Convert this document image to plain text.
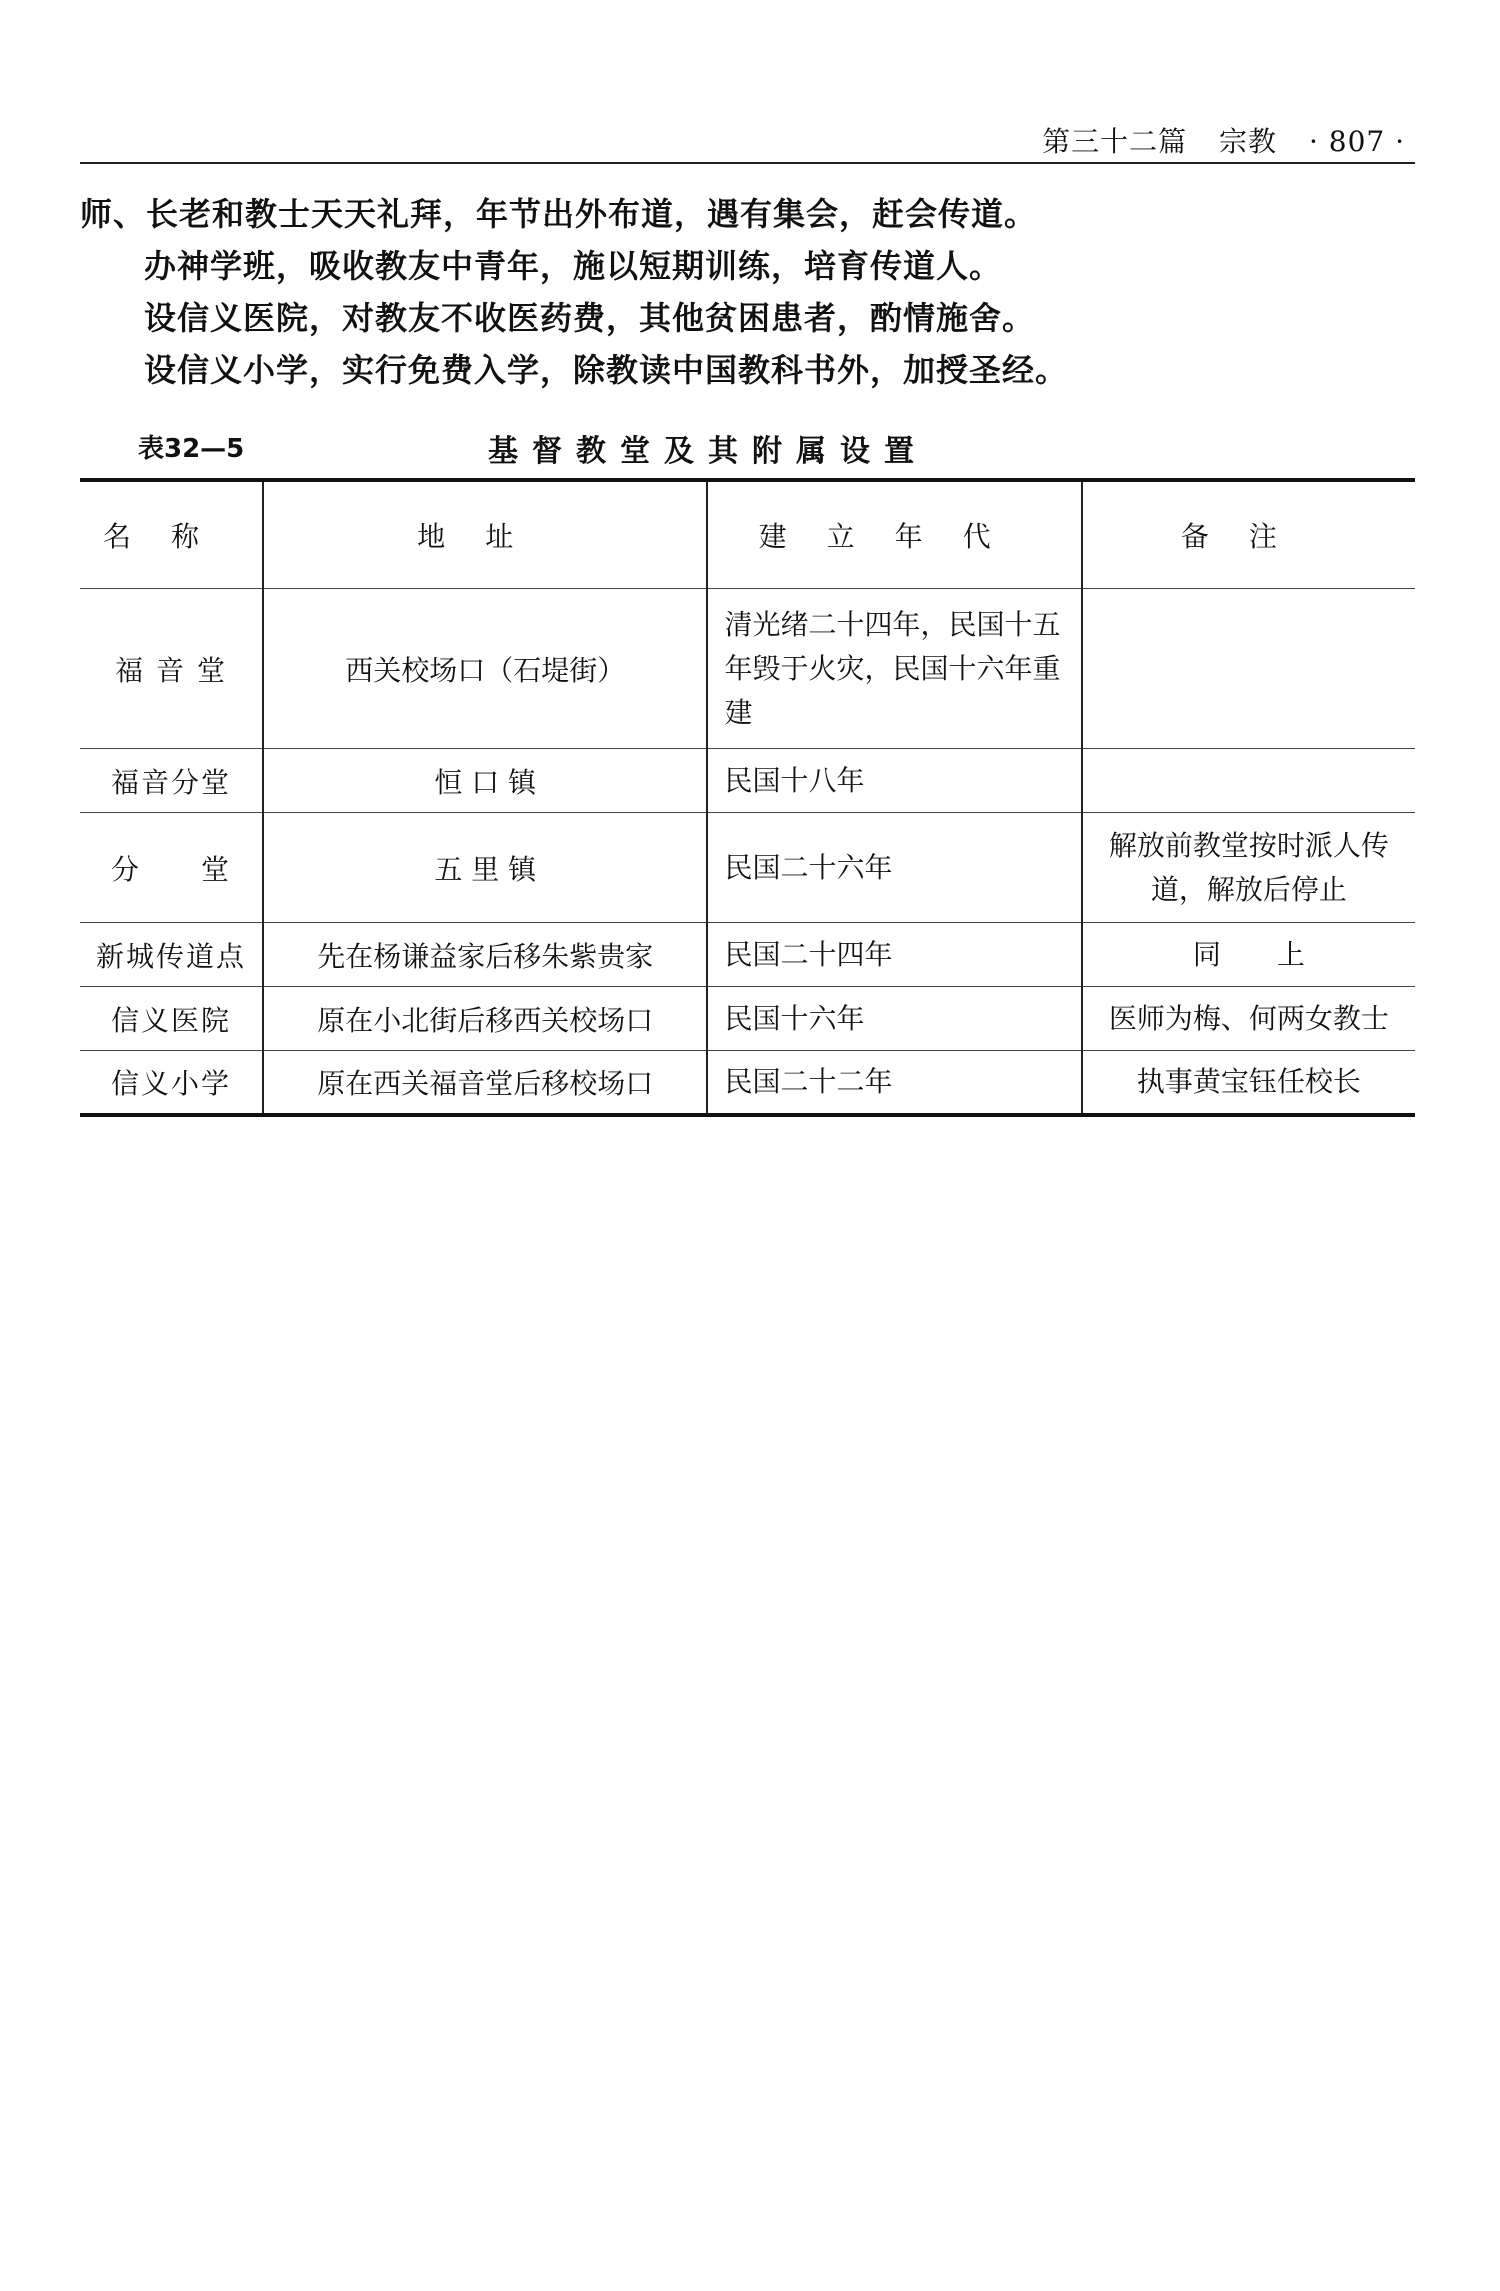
第三十二篇 宗教 · 807 ·

师、长老和教士天天礼拜，年节出外布道，遇有集会，赶会传道。

办神学班，吸收教友中青年，施以短期训练，培育传道人。

设信义医院，对教友不收医药费，其他贫困患者，酌情施舍。

设信义小学，实行免费入学，除教读中国教科书外，加授圣经。

表32—5	基督教堂及其附属设置
名称	地址	建立年代	备注
福 音 堂	西关校场口（石堤街）	清光绪二十四年，民国十五年毁于火灾，民国十六年重建	
福音分堂	恒 口 镇	民国十八年	
分　　堂	五 里 镇	民国二十六年	解放前教堂按时派人传道，解放后停止
新城传道点	先在杨谦益家后移朱紫贵家	民国二十四年	同　　上
信义医院	原在小北街后移西关校场口	民国十六年	医师为梅、何两女教士
信义小学	原在西关福音堂后移校场口	民国二十二年	执事黄宝钰任校长
